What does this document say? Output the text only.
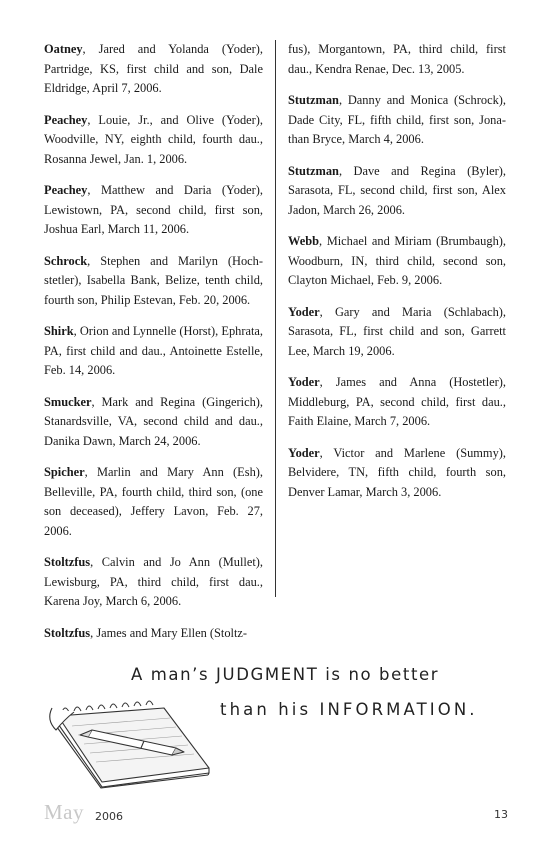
Oatney, Jared and Yolanda (Yoder), Partridge, KS, first child and son, Dale Eldridge, April 7, 2006.

Peachey, Louie, Jr., and Olive (Yoder), Woodville, NY, eighth child, fourth dau., Rosanna Jewel, Jan. 1, 2006.

Peachey, Matthew and Daria (Yoder), Lewistown, PA, second child, first son, Joshua Earl, March 11, 2006.

Schrock, Stephen and Marilyn (Hochstetler), Isabella Bank, Belize, tenth child, fourth son, Philip Estevan, Feb. 20, 2006.

Shirk, Orion and Lynnelle (Horst), Ephrata, PA, first child and dau., Antoinette Estelle, Feb. 14, 2006.

Smucker, Mark and Regina (Gingerich), Stanardsville, VA, second child and dau., Danika Dawn, March 24, 2006.

Spicher, Marlin and Mary Ann (Esh), Belleville, PA, fourth child, third son, (one son deceased), Jeffery Lavon, Feb. 27, 2006.

Stoltzfus, Calvin and Jo Ann (Mullet), Lewisburg, PA, third child, first dau., Karena Joy, March 6, 2006.

Stoltzfus, James and Mary Ellen (Stoltz-

fus), Morgantown, PA, third child, first dau., Kendra Renae, Dec. 13, 2005.

Stutzman, Danny and Monica (Schrock), Dade City, FL, fifth child, first son, Jonathan Bryce, March 4, 2006.

Stutzman, Dave and Regina (Byler), Sarasota, FL, second child, first son, Alex Jadon, March 26, 2006.

Webb, Michael and Miriam (Brumbaugh), Woodburn, IN, third child, second son, Clayton Michael, Feb. 9, 2006.

Yoder, Gary and Maria (Schlabach), Sarasota, FL, first child and son, Garrett Lee, March 19, 2006.

Yoder, James and Anna (Hostetler), Middleburg, PA, second child, first dau., Faith Elaine, March 7, 2006.

Yoder, Victor and Marlene (Summy), Belvidere, TN, fifth child, fourth son, Denver Lamar, March 3, 2006.

A man’s JUDGMENT is no better
than his INFORMATION.
May 2006	13
